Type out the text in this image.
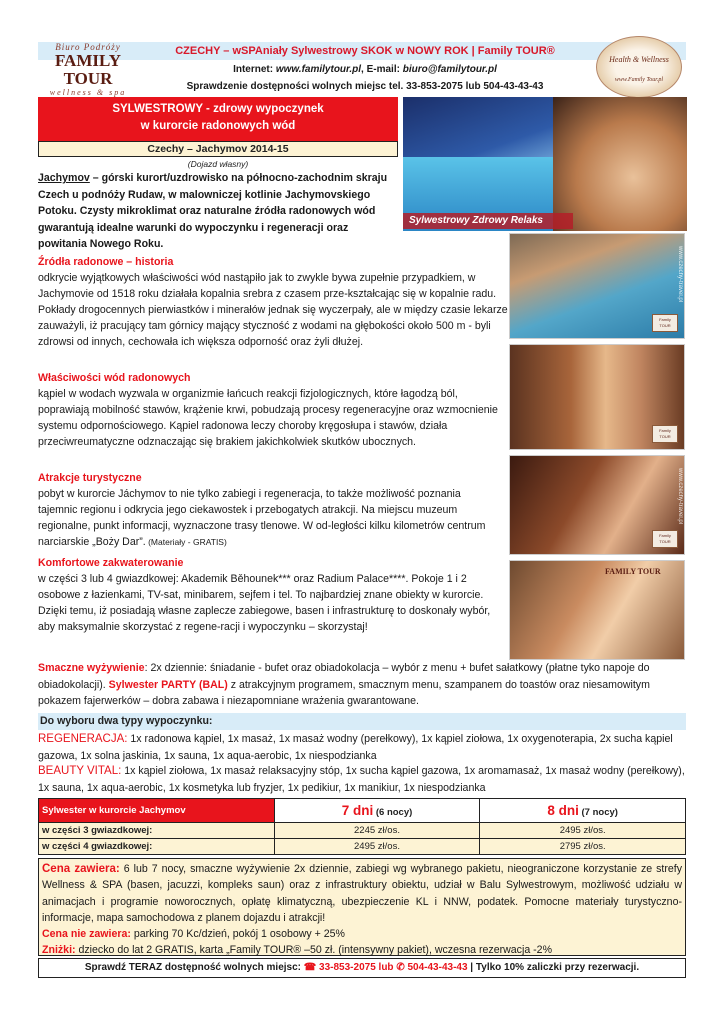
Biuro Podróży
FAMILY TOUR
wellness & spa
CZECHY – wSPAniały Sylwestrowy SKOK w NOWY ROK | Family TOUR®
Internet: www.familytour.pl, E-mail: biuro@familytour.pl
Sprawdzenie dostępności wolnych miejsc tel. 33-853-2075 lub 504-43-43-43
Health & Wellness
www.Family Tour.pl
SYLWESTROWY - zdrowy wypoczynek
w kurorcie radonowych wód
Czechy – Jachymov 2014-15
(Dojazd własny)
Sylwestrowy Zdrowy Relaks
Jachymov – górski kurort/uzdrowisko na północno-zachodnim skraju Czech u podnóży Rudaw, w malowniczej kotlinie Jachymovskiego Potoku. Czysty mikroklimat oraz naturalne źródła radonowych wód gwarantują idealne warunki do wypoczynku i regeneracji oraz powitania Nowego Roku.
Źródła radonowe – historia
odkrycie wyjątkowych właściwości wód nastąpiło jak to zwykle bywa zupełnie przypadkiem, w Jachymovie od 1518 roku działała kopalnia srebra z czasem prze-kształcając się w kopalnie radu. Pokłady drogocennych pierwiastków i minerałów jednak się wyczerpały, ale w między czasie lekarze zauważyli, iż pracujący tam górnicy mający styczność z wodami na głębokości około 500 m - byli zdrowsi od innych, cechowała ich większa odporność oraz żyli dłużej.
Właściwości wód radonowych
kąpiel w wodach wyzwala w organizmie łańcuch reakcji fizjologicznych, które łagodzą ból, poprawiają mobilność stawów, krążenie krwi, pobudzają procesy regeneracyjne oraz wzmocnienie systemu odpornościowego. Kąpiel radonowa leczy choroby kręgosłupa i stawów, działa przeciwreumatyczne odznaczając się brakiem jakichkolwiek skutków ubocznych.
Atrakcje turystyczne
pobyt w kurorcie Jáchymov to nie tylko zabiegi i regeneracja, to także możliwość poznania tajemnic regionu i odkrycia jego ciekawostek i przebogatych atrakcji. Na miejscu muzeum regionalne, punkt informacji, wyznaczone trasy tlenowe. W od-ległości kilku kilometrów centrum narciarskie „Boży Dar”. (Materiały - GRATIS)
Komfortowe zakwaterowanie
w części 3 lub 4 gwiazdkowej: Akademik Běhounek*** oraz Radium Palace****. Pokoje 1 i 2 osobowe z łazienkami, TV-sat, minibarem, sejfem i tel. To najbardziej znane obiekty w kurorcie. Dzięki temu, iż posiadają własne zaplecze zabiegowe, basen i infrastrukturę to doskonały wybór, aby maksymalnie skorzystać z regene-racji i wypoczynku – skorzystaj!
www.czechy-travel.pl
Family TOUR
Family TOUR
www.czechy-travel.pl
Family TOUR
FAMILY TOUR
Smaczne wyżywienie: 2x dziennie: śniadanie - bufet oraz obiadokolacja – wybór z menu + bufet sałatkowy (płatne tyko napoje do obiadokolacji). Sylwester PARTY (BAL) z atrakcyjnym programem, smacznym menu, szampanem do toastów oraz niesamowitym pokazem fajerwerków – dobra zabawa i niezapomniane wrażenia gwarantowane.
Do wyboru dwa typy wypoczynku:
REGENERACJA: 1x radonowa kąpiel, 1x masaż, 1x masaż wodny (perełkowy), 1x kąpiel ziołowa, 1x oxygenoterapia, 2x sucha kąpiel gazowa, 1x solna jaskinia, 1x sauna, 1x aqua-aerobic, 1x niespodzianka
BEAUTY VITAL: 1x kąpiel ziołowa, 1x masaż relaksacyjny stóp, 1x sucha kąpiel gazowa, 1x aromamasaż, 1x masaż wodny (perełkowy), 1x sauna, 1x aqua-aerobic, 1x kosmetyka lub fryzjer, 1x pedikiur, 1x manikiur, 1x niespodzianka
Sylwester w kurorcie Jachymov	7 dni (6 nocy)	8 dni (7 nocy)
w części 3 gwiazdkowej:	2245 zł/os.	2495 zł/os.
w części 4 gwiazdkowej:	2495 zł/os.	2795 zł/os.
Cena zawiera: 6 lub 7 nocy, smaczne wyżywienie 2x dziennie, zabiegi wg wybranego pakietu, nieograniczone korzystanie ze strefy Wellness & SPA (basen, jacuzzi, kompleks saun) oraz z infrastruktury obiektu, udział w Balu Sylwestrowym, możliwość udziału w animacjach i programie noworocznych, opłatę klimatyczną, ubezpieczenie KL i NNW, podatek. Pomocne materiały turystyczno-informacje, mapa samochodowa z planem dojazdu i atrakcji!
Cena nie zawiera: parking 70 Kc/dzień, pokój 1 osobowy + 25%
Zniżki: dziecko do lat 2 GRATIS, karta „Family TOUR® –50 zł. (intensywny pakiet), wczesna rezerwacja -2%
Sprawdź TERAZ dostępność wolnych miejsc: ☎ 33-853-2075 lub ✆ 504-43-43-43 | Tylko 10% zaliczki przy rezerwacji.
